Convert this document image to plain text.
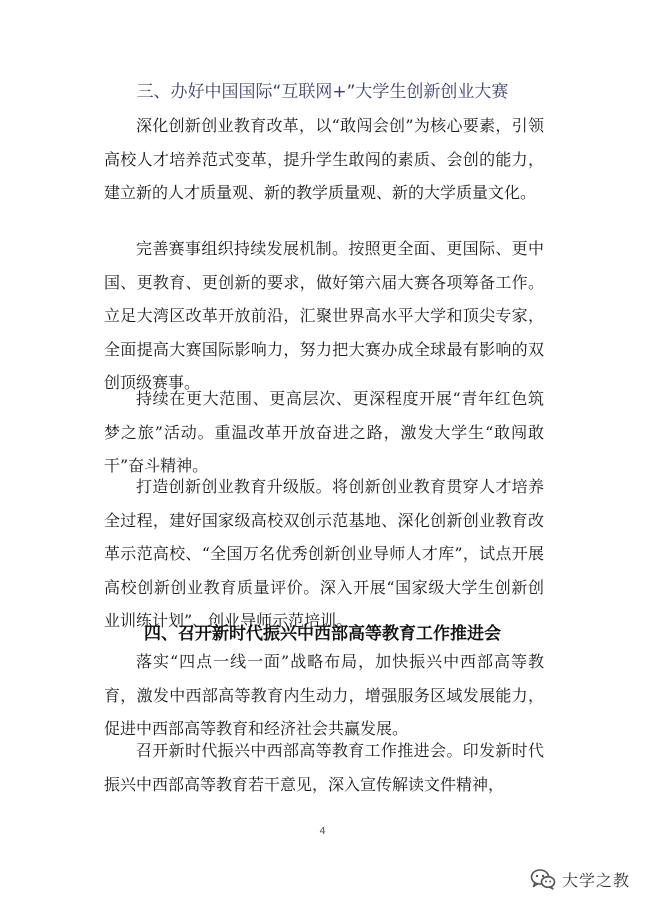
三、办好中国国际“互联网+”大学生创新创业大赛

深化创新创业教育改革，以“敢闯会创”为核心要素，引领高校人才培养范式变革，提升学生敢闯的素质、会创的能力，建立新的人才质量观、新的教学质量观、新的大学质量文化。

完善赛事组织持续发展机制。按照更全面、更国际、更中国、更教育、更创新的要求，做好第六届大赛各项筹备工作。立足大湾区改革开放前沿，汇聚世界高水平大学和顶尖专家，全面提高大赛国际影响力，努力把大赛办成全球最有影响的双创顶级赛事。

持续在更大范围、更高层次、更深程度开展“青年红色筑梦之旅”活动。重温改革开放奋进之路，激发大学生“敢闯敢干”奋斗精神。

打造创新创业教育升级版。将创新创业教育贯穿人才培养全过程，建好国家级高校双创示范基地、深化创新创业教育改革示范高校、“全国万名优秀创新创业导师人才库”，试点开展高校创新创业教育质量评价。深入开展“国家级大学生创新创业训练计划”、创业导师示范培训。

四、召开新时代振兴中西部高等教育工作推进会

落实“四点一线一面”战略布局，加快振兴中西部高等教育，激发中西部高等教育内生动力，增强服务区域发展能力，促进中西部高等教育和经济社会共赢发展。

召开新时代振兴中西部高等教育工作推进会。印发新时代振兴中西部高等教育若干意见，深入宣传解读文件精神，

4
大学之教
